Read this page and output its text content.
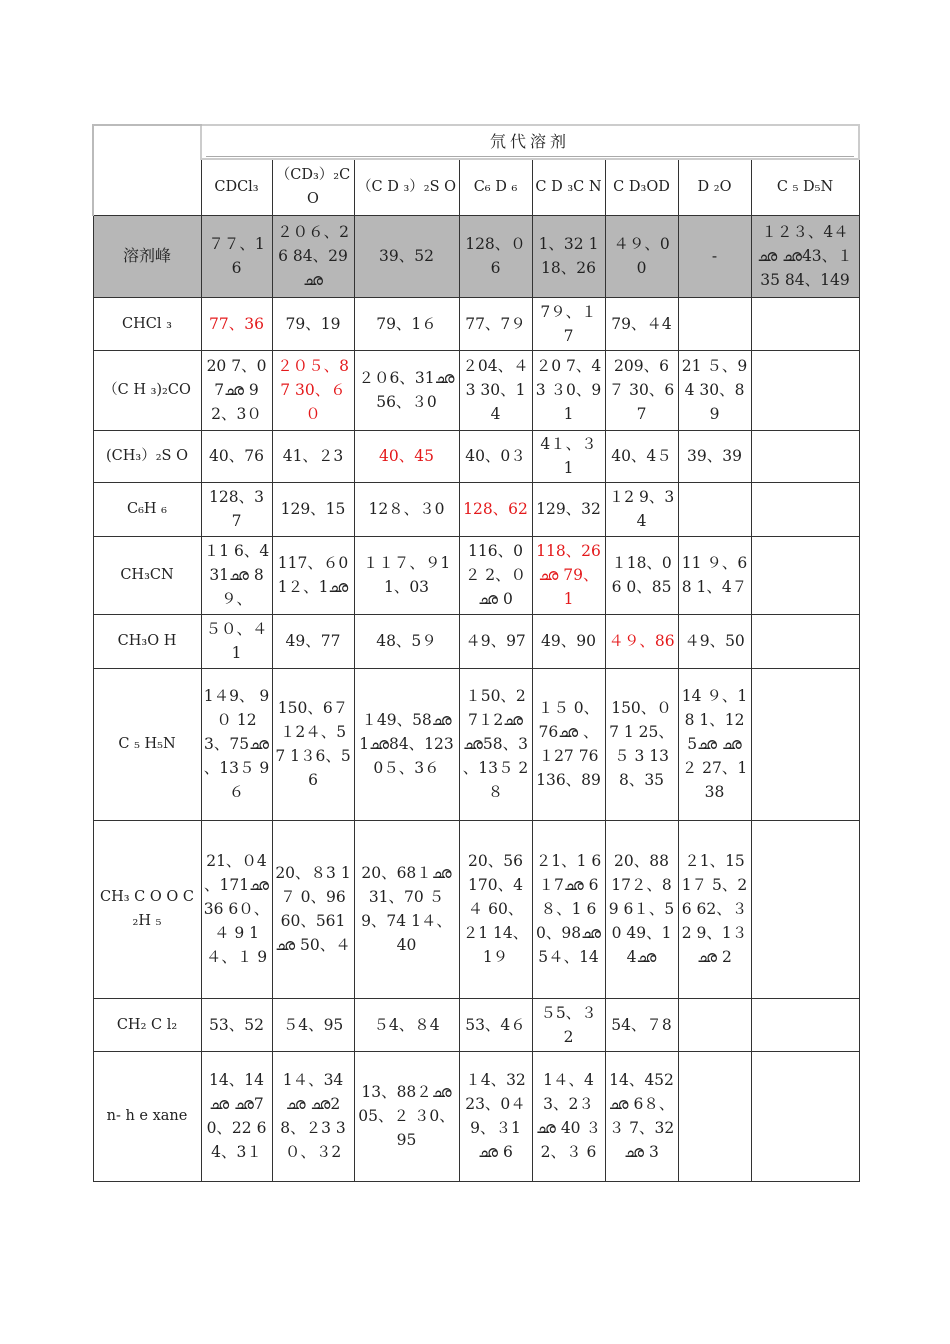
	氘代溶剂							

	CDCl₃	（CD₃）₂CO	（C D ₃）₂S O	C₆ D ₆	C D ₃C N	C D₃OD	D ₂O	C ₅ D₅N
溶剂峰	７７、16	２０６、26 84、29ഛ	39、52	128、０ 6	1、32 118、26	４９、0 0	-	１２３、4４ഛ ഛ43、１35 84、149
CHCl ₃	77、36	79、19	79、1６	77、7９	7９、１ 7	79、４4		
（C H ₃)₂CO	20 7、07ഛ 92、3０	２０５、8 7 30、６０	２０6、31ഛ 56、３0	２04、４ 3 30、14	２0 7、43 ３0、91	209、6７ 30、67	21 ５、94 30、89	
(CH₃）₂S O	40、76	41、２3	40、45	40、0３	4１、３ 1	40、4５	39、39	
C₆H ₆	128、3 7	129、15	12８、３0	128、62	129、32	１2 9、34		
CH₃CN	１1 6、431ഛ 8９、	117、６0 1２、1ഛ	１１７、９1 1、03	116、0２ 2、０ഛ 0	118、26ഛ 79、1	１18、06 0、85	11 ９、68 1、4７	
CH₃O H	５０、４ 1	49、77	48、5９	４9、97	49、90	４９、86	４9、50	
C ₅ H₅N	1４9、 9０ 12 3、75ഛ 、13５ 9６	150、6７ １2４、5 7 1３6、5 6	１49、58ഛ 1ഛ84、123 0５、3６	１50、2 7１2ഛ ഛ58、3 、13５ 2８	１５ 0、76ഛ 、１27 76 136、89	150、０7 1 25、５ 3 138、35	14 ９、18 1、125ഛ ഛ２ 27、138	
CH₃ C O O C ₂H ₅	21、０4 、171ഛ 36 6０、４ 9 1４、１ 9	20、８3 1７ 0、96 60、561ഛ 50、４	20、68１ഛ 31、70 ５9、74 1４、40	20、56 170、4４ 60、２1 14、1９	２1、1 6１7ഛ 6８、1 60、98ഛ 5４、14	20、88 17２、8 9 6１、50 49、14ഛ	２1、15 1７ 5、26 62、３2 9、1３ഛ 2	
CH₂ C l₂	53、52	５4、95	５4、８4	53、4６	５5、３ 2	54、７8		
n- h e xane	14、14ഛ ഛ70、22 64、3１	1４、34ഛ ഛ28、２3 3０、３2	13、88２ഛ 05、２ ３0、95	１4、32 23、0４ 9、３1ഛ 6	1４、4 3、2３ഛ 40 ３2、３ 6	14、452ഛ 6８、３ 7、32ഛ 3		
